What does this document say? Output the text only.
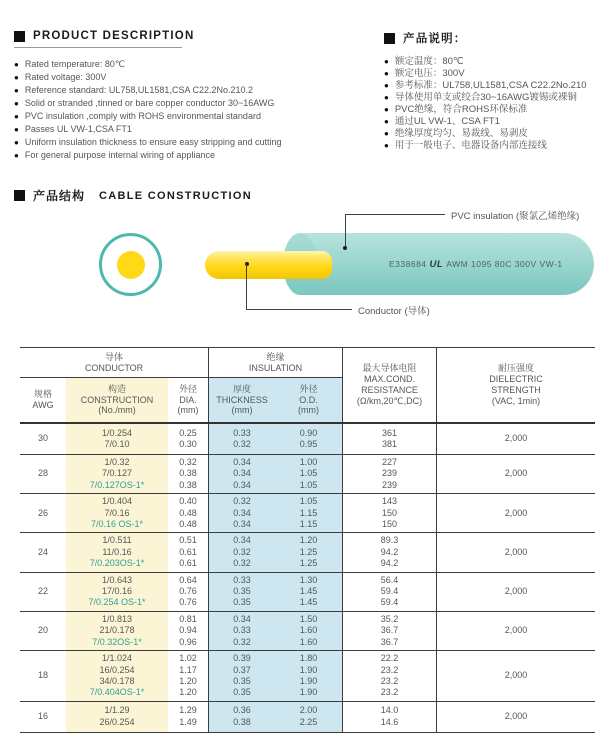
PRODUCT DESCRIPTION
● Rated temperature: 80℃
● Rated voltage: 300V
● Reference standard: UL758,UL1581,CSA C22.2No.210.2
● Solid or stranded ,tinned or bare copper conductor 30~16AWG
● PVC insulation ,comply with ROHS environmental standard
● Passes UL VW-1,CSA FT1
● Uniform insulation thickness to ensure easy stripping and cutting
● For general purpose internal wiring of appliance
产品说明：
● 额定温度：80℃
● 额定电压：300V
● 参考标准：UL758,UL1581,CSA C22.2No.210
● 导体使用单支或绞合30~16AWG镀锡或裸铜
● PVC绝缘，符合ROHS环保标准
● 通过UL VW-1、CSA FT1
● 绝缘厚度均匀、易裁线、易剥皮
● 用于一般电子、电器设备内部连接线
产品结构 CABLE CONSTRUCTION
E338684 UL AWM 1095 80C 300V VW-1
PVC insulation (聚氯乙烯绝缘)
Conductor (导体)
导体
CONDUCTOR
绝缘
INSULATION	最大导体电阻
MAX.COND.
RESISTANCE
(Ω/km,20℃,DC)
耐压强度
DIELECTRIC
STRENGTH
(VAC, 1min)
规格
AWG
构造
CONSTRUCTION
(No./mm)
外径
DIA.
(mm)
厚度
THICKNESS
(mm)
外径
O.D.
(mm)
30
1/0.254
7/0.10
0.25
0.30
0.33
0.32
0.90
0.95
361
381
2,000
28
1/0.32
7/0.127
7/0.127OS-1*
0.32
0.38
0.38
0.34
0.34
0.34
1.00
1.05
1.05
227
239
239
2,000
26
1/0.404
7/0.16
7/0.16 OS-1*
0.40
0.48
0.48
0.32
0.34
0.34
1.05
1.15
1.15
143
150
150
2,000
24
1/0.511
11/0.16
7/0.203OS-1*
0.51
0.61
0.61
0.34
0.32
0.32
1.20
1.25
1.25
89.3
94.2
94.2
2,000
22
1/0.643
17/0.16
7/0.254 OS-1*
0.64
0.76
0.76
0.33
0.35
0.35
1.30
1.45
1.45
56.4
59.4
59.4
2,000
20
1/0.813
21/0.178
7/0.32OS-1*
0.81
0.94
0.96
0.34
0.33
0.32
1.50
1.60
1.60
35.2
36.7
36.7
2,000
18
1/1.024
16/0.254
34/0.178
7/0.404OS-1*
1.02
1.17
1.20
1.20
0.39
0.37
0.35
0.35
1.80
1.90
1.90
1.90
22.2
23.2
23.2
23.2
2,000
16
1/1.29
26/0.254
1.29
1.49
0.36
0.38
2.00
2.25
14.0
14.6
2,000
